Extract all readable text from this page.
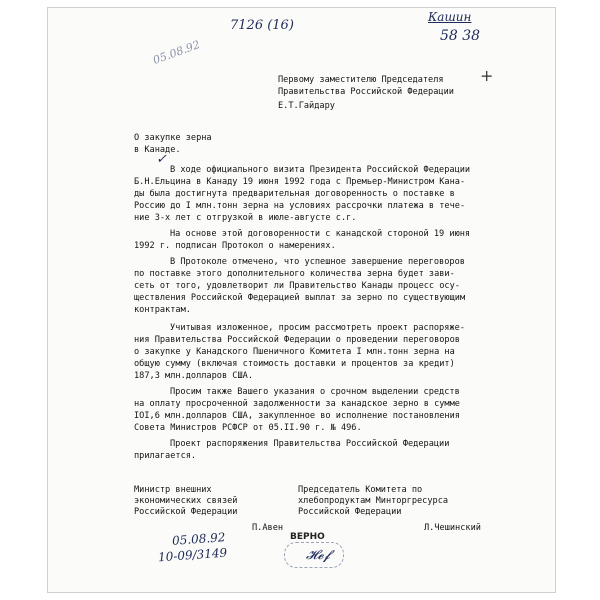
7126 (16)
Кашин
58 38
05.08.92
✓
+
Первому заместителю Председателя
Правительства Российской Федерации
Е.Т.Гайдару
О закупке зерна
в Канаде.
В ходе официального визита Президента Российской Федерации
Б.Н.Ельцина в Канаду 19 июня 1992 года с Премьер-Министром Кана-
ды была достигнута предварительная договоренность о поставке в
Россию до I млн.тонн зерна на условиях рассрочки платежа в тече-
ние 3-х лет с отгрузкой в июле-августе с.г.
На основе этой договоренности с канадской стороной 19 июня
1992 г. подписан Протокол о намерениях.
В Протоколе отмечено, что успешное завершение переговоров
по поставке этого дополнительного количества зерна будет зави-
сеть от того, удовлетворит ли Правительство Канады процесс осу-
ществления Российской Федерацией выплат за зерно по существующим
контрактам.
Учитывая изложенное, просим рассмотреть проект распоряже-
ния Правительства Российской Федерации о проведении переговоров
о закупке у Канадского Пшеничного Комитета I млн.тонн зерна на
общую сумму (включая стоимость доставки и процентов за кредит)
187,3 млн.долларов США.
Просим также Вашего указания о срочном выделении средств
на оплату просроченной задолженности за канадское зерно в сумме
IOI,6 млн.долларов США, закупленное во исполнение постановления
Совета Министров РСФСР от 05.II.90 г. № 496.
Проект распоряжения Правительства Российской Федерации
прилагается.
Министр внешних
экономических связей
Российской Федерации
П.Авен
Председатель Комитета по
хлебопродуктам Минторгресурса
Российской Федерации
Л.Чешинский
05.08.92
10-09/3149
ВЕРНО
𝓗𝓮𝓯
